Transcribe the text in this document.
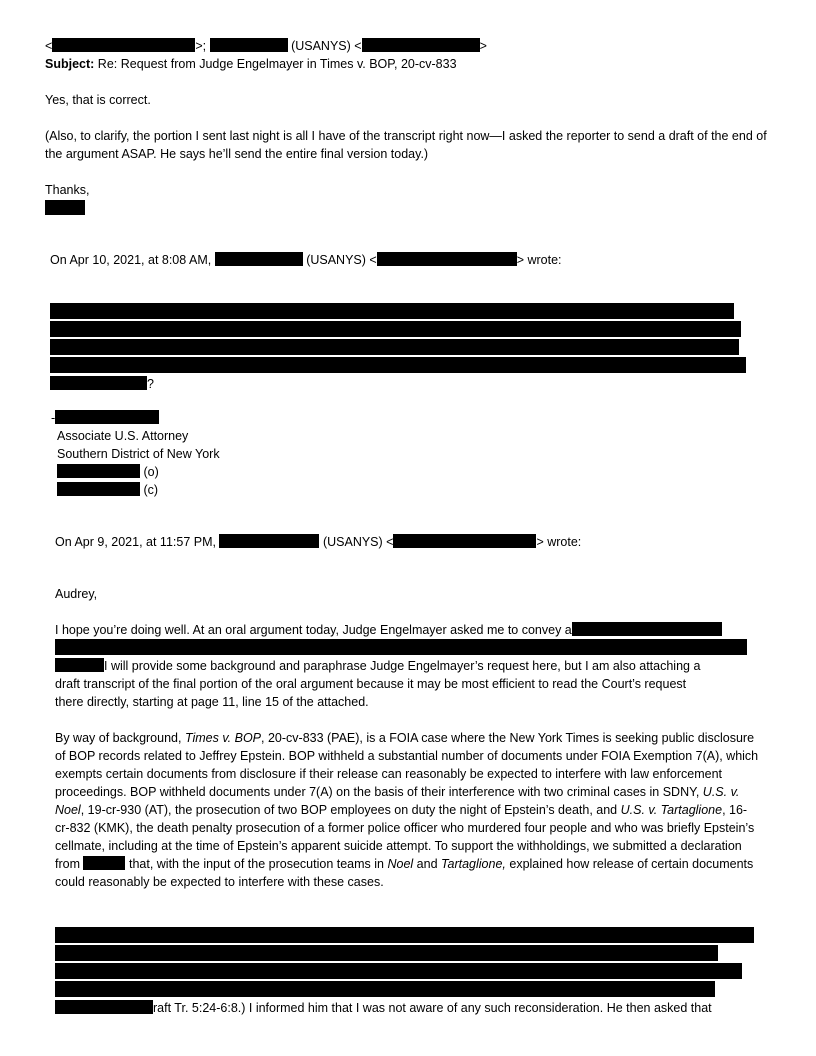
<	>;	(USANYS) <	>
Subject: Re: Request from Judge Engelmayer in Times v. BOP, 20-cv-833
Yes, that is correct.
(Also, to clarify, the portion I sent last night is all I have of the transcript right now—I asked the reporter to send a draft of the end of the argument ASAP. He says he’ll send the entire final version today.)
Thanks,
On Apr 10, 2021, at 8:08 AM,	(USANYS) <	> wrote:
?
-
Associate U.S. Attorney
Southern District of New York
(o)
(c)
On Apr 9, 2021, at 11:57 PM,	(USANYS) <	> wrote:
Audrey,
I hope you’re doing well. At an oral argument today, Judge Engelmayer asked me to convey a
I will provide some background and paraphrase Judge Engelmayer’s request here, but I am also attaching a
draft transcript of the final portion of the oral argument because it may be most efficient to read the Court’s request
there directly, starting at page 11, line 15 of the attached.
By way of background, Times v. BOP, 20-cv-833 (PAE), is a FOIA case where the New York Times is seeking public disclosure of BOP records related to Jeffrey Epstein. BOP withheld a substantial number of documents under FOIA Exemption 7(A), which exempts certain documents from disclosure if their release can reasonably be expected to interfere with law enforcement proceedings. BOP withheld documents under 7(A) on the basis of their interference with two criminal cases in SDNY, U.S. v. Noel, 19-cr-930 (AT), the prosecution of two BOP employees on duty the night of Epstein’s death, and U.S. v. Tartaglione, 16-cr-832 (KMK), the death penalty prosecution of a former police officer who murdered four people and who was briefly Epstein’s cellmate, including at the time of Epstein’s apparent suicide attempt. To support the withholdings, we submitted a declaration from	that, with the input of the prosecution teams in Noel and Tartaglione, explained how release of certain documents could reasonably be expected to interfere with these cases.
raft Tr. 5:24-6:8.) I informed him that I was not aware of any such reconsideration. He then asked that
